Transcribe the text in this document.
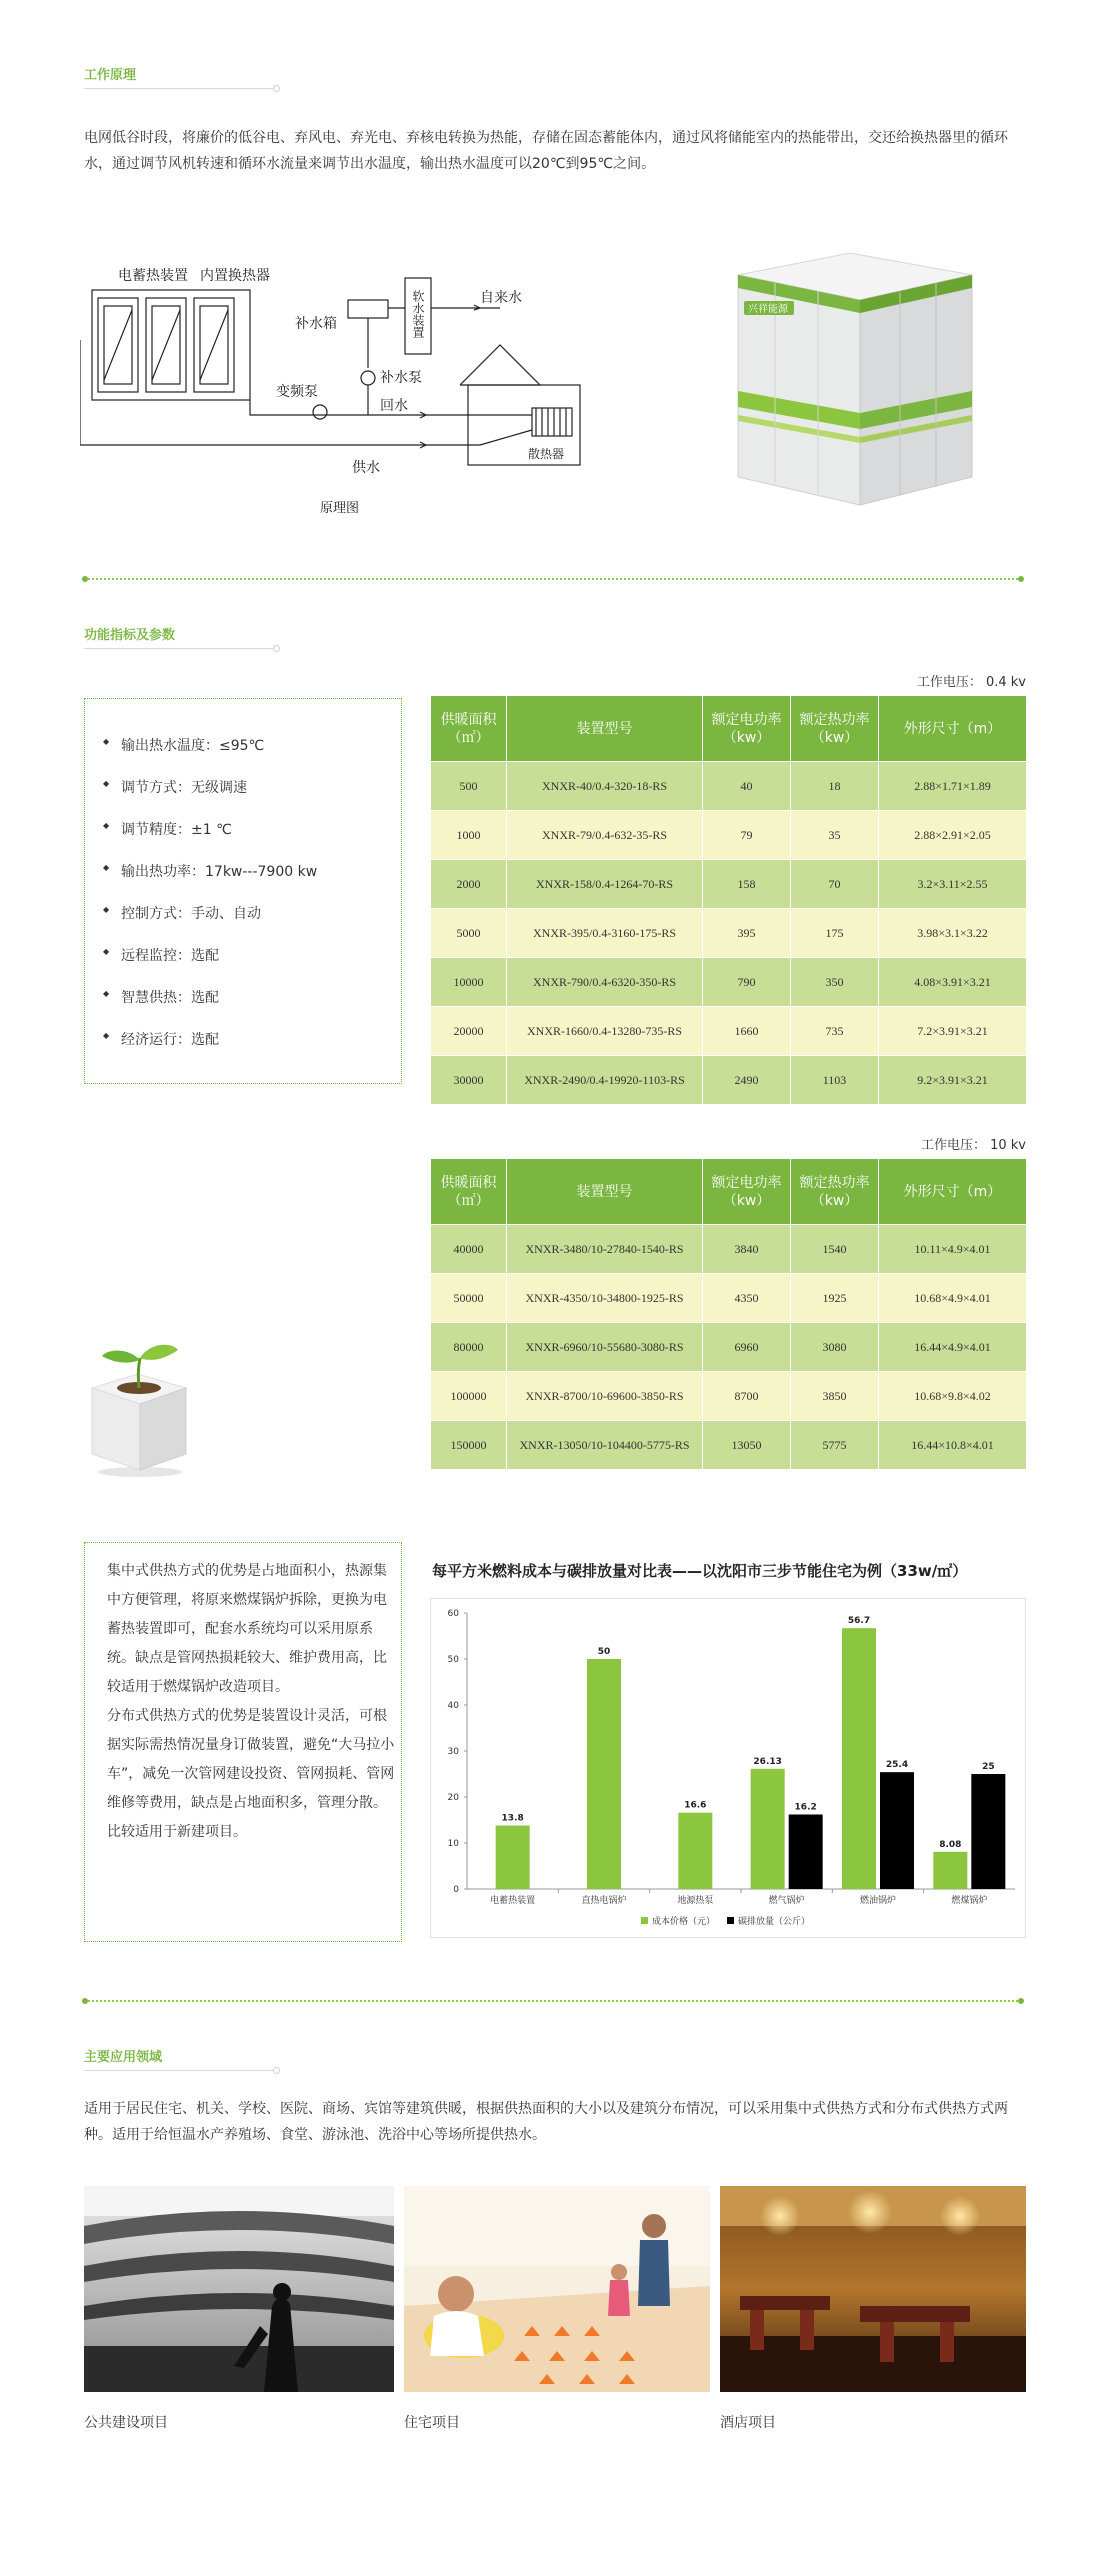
工作原理
电网低谷时段，将廉价的低谷电、弃风电、弃光电、弃核电转换为热能，存储在固态蓄能体内，通过风将储能室内的热能带出，交还给换热器里的循环水，通过调节风机转速和循环水流量来调节出水温度，输出热水温度可以20℃到95℃之间。
电蓄热装置 内置换热器
补水箱	软水装置	自来水
变频泵
补水泵
回水
供水
散热器
原理图
兴祥能源
功能指标及参数
◆ 输出热水温度：≤95℃
◆ 调节方式：无级调速
◆ 调节精度：±1 ℃
◆ 输出热功率：17kw---7900 kw
◆ 控制方式：手动、自动
◆ 远程监控：选配
◆ 智慧供热：选配
◆ 经济运行：选配
工作电压： 0.4 kv
供暖面积（㎡）	装置型号	额定电功率（kw）	额定热功率（kw）	外形尺寸（m）
500	XNXR-40/0.4-320-18-RS	40	18	2.88×1.71×1.89
1000	XNXR-79/0.4-632-35-RS	79	35	2.88×2.91×2.05
2000	XNXR-158/0.4-1264-70-RS	158	70	3.2×3.11×2.55
5000	XNXR-395/0.4-3160-175-RS	395	175	3.98×3.1×3.22
10000	XNXR-790/0.4-6320-350-RS	790	350	4.08×3.91×3.21
20000	XNXR-1660/0.4-13280-735-RS	1660	735	7.2×3.91×3.21
30000	XNXR-2490/0.4-19920-1103-RS	2490	1103	9.2×3.91×3.21
工作电压： 10 kv
供暖面积（㎡）	装置型号	额定电功率（kw）	额定热功率（kw）	外形尺寸（m）
40000	XNXR-3480/10-27840-1540-RS	3840	1540	10.11×4.9×4.01
50000	XNXR-4350/10-34800-1925-RS	4350	1925	10.68×4.9×4.01
80000	XNXR-6960/10-55680-3080-RS	6960	3080	16.44×4.9×4.01
100000	XNXR-8700/10-69600-3850-RS	8700	3850	10.68×9.8×4.02
150000	XNXR-13050/10-104400-5775-RS	13050	5775	16.44×10.8×4.01

集中式供热方式的优势是占地面积小，热源集中方便管理，将原来燃煤锅炉拆除，更换为电蓄热装置即可，配套水系统均可以采用原系统。缺点是管网热损耗较大、维护费用高，比较适用于燃煤锅炉改造项目。

分布式供热方式的优势是装置设计灵活，可根据实际需热情况量身订做装置，避免“大马拉小车”，减免一次管网建设投资、管网损耗、管网维修等费用，缺点是占地面积多，管理分散。比较适用于新建项目。

每平方米燃料成本与碳排放量对比表——以沈阳市三步节能住宅为例（33w/㎡）
0
10
20
30
40
50
60
13.8
电蓄热装置
50
直热电锅炉
16.6
地源热泵
26.13
16.2
燃气锅炉
56.7
25.4
燃油锅炉
8.08
25
燃煤锅炉
成本价格（元）	碳排放量（公斤）
主要应用领域
适用于居民住宅、机关、学校、医院、商场、宾馆等建筑供暖，根据供热面积的大小以及建筑分布情况，可以采用集中式供热方式和分布式供热方式两种。适用于给恒温水产养殖场、食堂、游泳池、洗浴中心等场所提供热水。
公共建设项目	住宅项目	酒店项目
